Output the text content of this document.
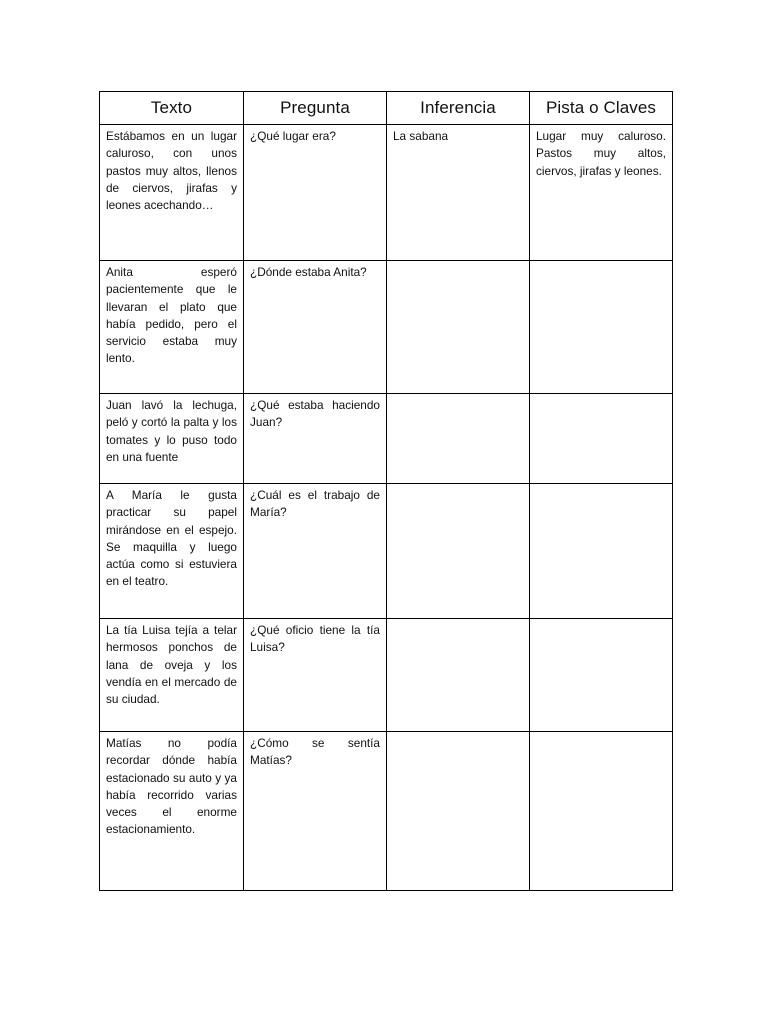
Texto	Pregunta	Inferencia	Pista o Claves
Estábamos en un lugar caluroso, con unos pastos muy altos, llenos de ciervos, jirafas y leones acechando…	¿Qué lugar era?	La sabana	Lugar muy caluroso. Pastos muy altos, ciervos, jirafas y leones.
Anita esperó pacientemente que le llevaran el plato que había pedido, pero el servicio estaba muy lento.	¿Dónde estaba Anita?		
Juan lavó la lechuga, peló y cortó la palta y los tomates y lo puso todo en una fuente	¿Qué estaba haciendo Juan?		
A María le gusta practicar su papel mirándose en el espejo. Se maquilla y luego actúa como si estuviera en el teatro.	¿Cuál es el trabajo de María?		
La tía Luisa tejía a telar hermosos ponchos de lana de oveja y los vendía en el mercado de su ciudad.	¿Qué oficio tiene la tía Luisa?		
Matías no podía recordar dónde había estacionado su auto y ya había recorrido varias veces el enorme estacionamiento.	¿Cómo se sentía Matías?		
